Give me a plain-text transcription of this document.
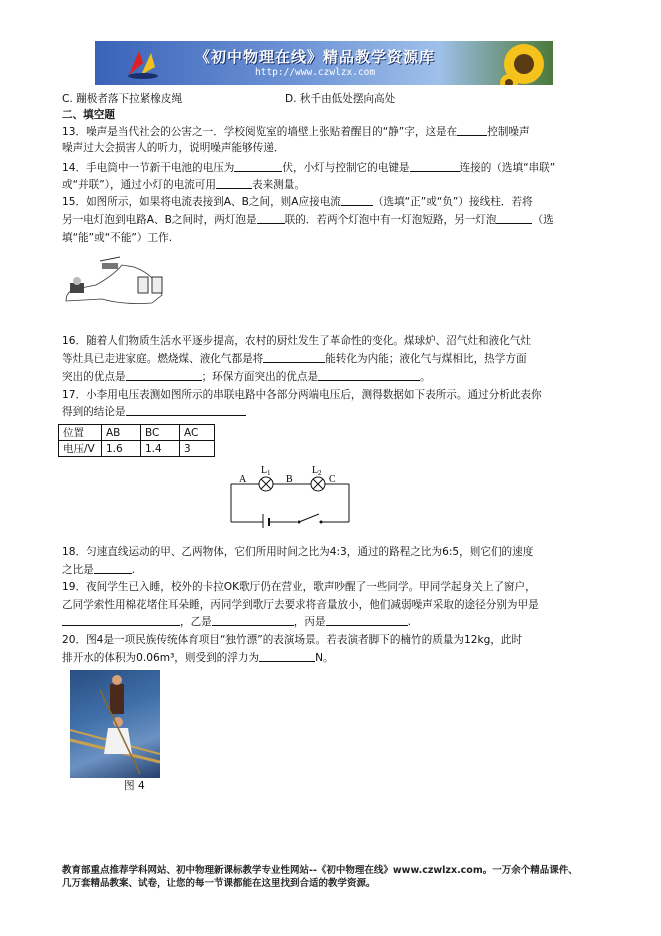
《初中物理在线》精品教学资源库
http://www.czwlzx.com
C. 蹦极者落下拉紧橡皮绳	D. 秋千由低处摆向高处
二、填空题
13．噪声是当代社会的公害之一．学校阅览室的墙壁上张贴着醒目的“静”字，这是在	控制噪声
噪声过大会损害人的听力，说明噪声能够传递．
14．手电筒中一节新干电池的电压为	伏，小灯与控制它的电键是	连接的（选填“串联”
或“并联”），通过小灯的电流可用	表来测量。
15．如图所示，如果将电流表接到A、B之间，则A应接电流	（选填“正”或“负”）接线柱．若将
另一电灯泡到电路A、B之间时，两灯泡是	联的．若两个灯泡中有一灯泡短路，另一灯泡	（选
填“能”或“不能”）工作.
16．随着人们物质生活水平逐步提高，农村的厨灶发生了革命性的变化。煤球炉、沼气灶和液化气灶
等灶具已走进家庭。燃烧煤、液化气都是将	能转化为内能；液化气与煤相比，热学方面
突出的优点是	；环保方面突出的优点是	。
17．小李用电压表测如图所示的串联电路中各部分两端电压后，测得数据如下表所示。通过分析此表你
得到的结论是
位置	AB	BC	AC
电压/V	1.6	1.4	3
A	B	C
L 1	L 2
18．匀速直线运动的甲、乙两物体，它们所用时间之比为4:3，通过的路程之比为6:5，则它们的速度
之比是	.
19．夜间学生已入睡，校外的卡拉OK歌厅仍在营业，歌声吵醒了一些同学。甲同学起身关上了窗户，
乙同学索性用棉花堵住耳朵睡，丙同学到歌厅去要求将音量放小，他们减弱噪声采取的途径分别为甲是
，乙是	，丙是	.
20．图4是一项民族传统体育项目“独竹漂”的表演场景。若表演者脚下的楠竹的质量为12kg，此时
排开水的体积为0.06m³，则受到的浮力为	N。
图 4
教育部重点推荐学科网站、初中物理新课标教学专业性网站--《初中物理在线》www.czwlzx.com。一万余个精品课件、
几万套精品教案、试卷，让您的每一节课都能在这里找到合适的教学资源。
